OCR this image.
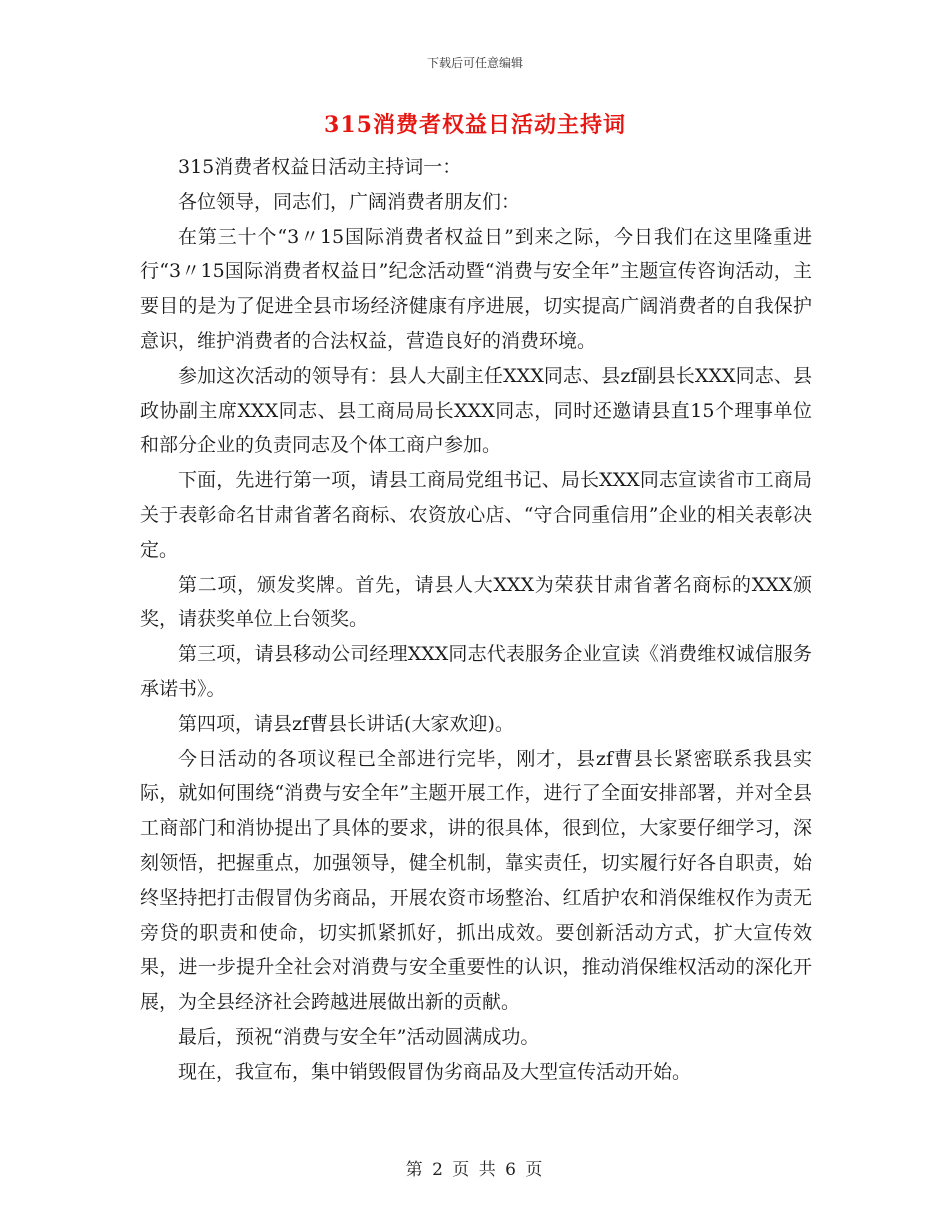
下载后可任意编辑
315消费者权益日活动主持词

315消费者权益日活动主持词一：

各位领导，同志们，广阔消费者朋友们：

在第三十个“3〃15国际消费者权益日”到来之际，今日我们在这里隆重进行“3〃15国际消费者权益日”纪念活动暨“消费与安全年”主题宣传咨询活动，主要目的是为了促进全县市场经济健康有序进展，切实提高广阔消费者的自我保护意识，维护消费者的合法权益，营造良好的消费环境。

参加这次活动的领导有：县人大副主任XXX同志、县zf副县长XXX同志、县政协副主席XXX同志、县工商局局长XXX同志，同时还邀请县直15个理事单位和部分企业的负责同志及个体工商户参加。

下面，先进行第一项，请县工商局党组书记、局长XXX同志宣读省市工商局关于表彰命名甘肃省著名商标、农资放心店、“守合同重信用”企业的相关表彰决定。

第二项，颁发奖牌。首先，请县人大XXX为荣获甘肃省著名商标的XXX颁奖，请获奖单位上台领奖。

第三项，请县移动公司经理XXX同志代表服务企业宣读《消费维权诚信服务承诺书》。

第四项，请县zf曹县长讲话(大家欢迎)。

今日活动的各项议程已全部进行完毕，刚才，县zf曹县长紧密联系我县实际，就如何围绕“消费与安全年”主题开展工作，进行了全面安排部署，并对全县工商部门和消协提出了具体的要求，讲的很具体，很到位，大家要仔细学习，深刻领悟，把握重点，加强领导，健全机制，靠实责任，切实履行好各自职责，始终坚持把打击假冒伪劣商品，开展农资市场整治、红盾护农和消保维权作为责无旁贷的职责和使命，切实抓紧抓好，抓出成效。要创新活动方式，扩大宣传效果，进一步提升全社会对消费与安全重要性的认识，推动消保维权活动的深化开展，为全县经济社会跨越进展做出新的贡献。

最后，预祝“消费与安全年”活动圆满成功。

现在，我宣布，集中销毁假冒伪劣商品及大型宣传活动开始。

第 2 页 共 6 页
